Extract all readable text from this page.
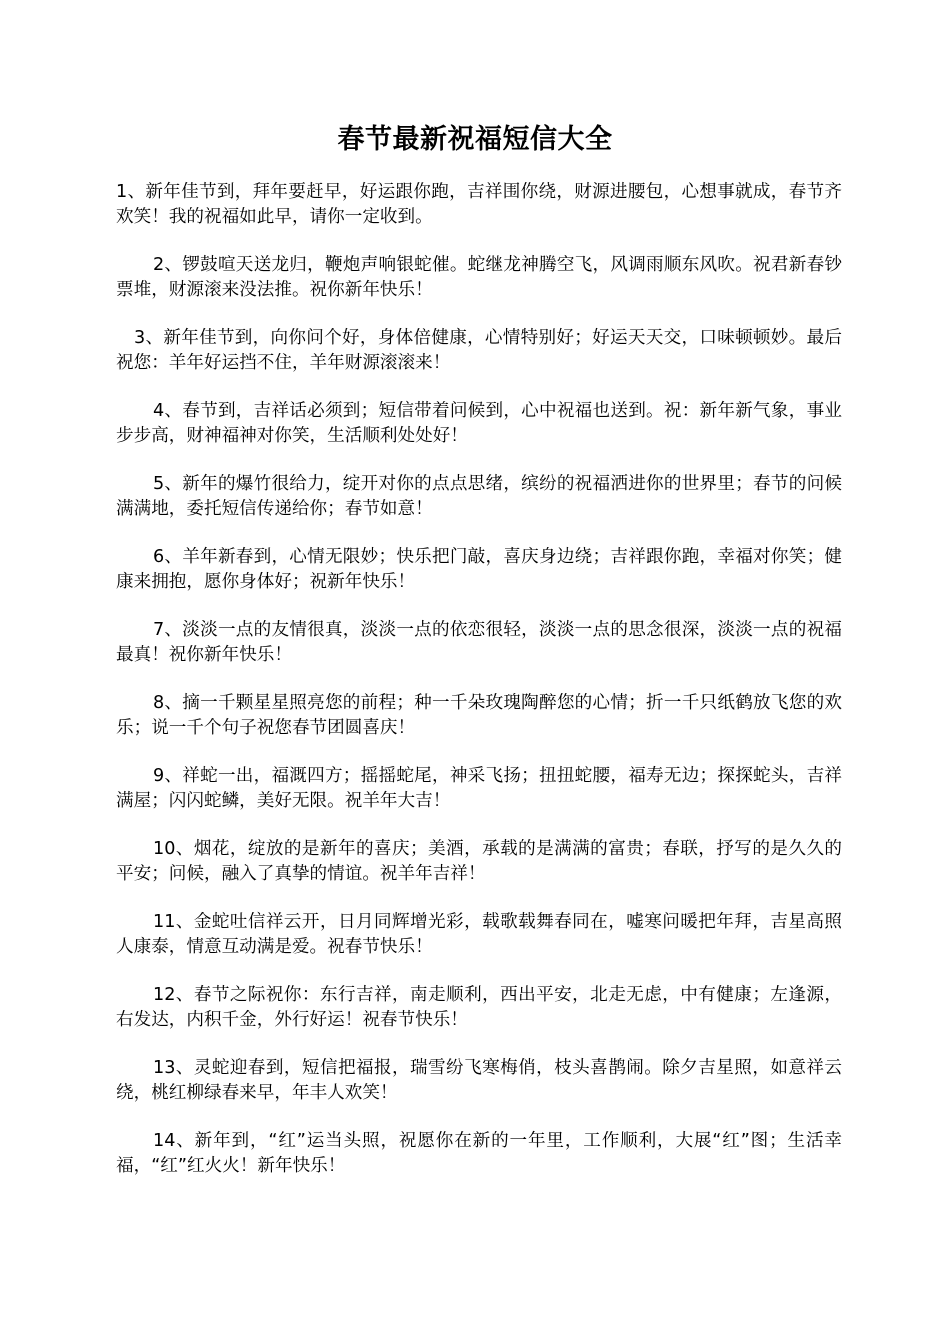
春节最新祝福短信大全

1、新年佳节到，拜年要赶早，好运跟你跑，吉祥围你绕，财源进腰包，心想事就成，春节齐欢笑！我的祝福如此早，请你一定收到。

2、锣鼓喧天送龙归，鞭炮声响银蛇催。蛇继龙神腾空飞，风调雨顺东风吹。祝君新春钞票堆，财源滚来没法推。祝你新年快乐！

3、新年佳节到，向你问个好，身体倍健康，心情特别好；好运天天交，口味顿顿妙。最后祝您：羊年好运挡不住，羊年财源滚滚来！

4、春节到，吉祥话必须到；短信带着问候到，心中祝福也送到。祝：新年新气象，事业步步高，财神福神对你笑，生活顺利处处好！

5、新年的爆竹很给力，绽开对你的点点思绪，缤纷的祝福洒进你的世界里；春节的问候满满地，委托短信传递给你；春节如意！

6、羊年新春到，心情无限妙；快乐把门敲，喜庆身边绕；吉祥跟你跑，幸福对你笑；健康来拥抱，愿你身体好；祝新年快乐！

7、淡淡一点的友情很真，淡淡一点的依恋很轻，淡淡一点的思念很深，淡淡一点的祝福最真！祝你新年快乐！

8、摘一千颗星星照亮您的前程；种一千朵玫瑰陶醉您的心情；折一千只纸鹤放飞您的欢乐；说一千个句子祝您春节团圆喜庆！

9、祥蛇一出，福溉四方；摇摇蛇尾，神采飞扬；扭扭蛇腰，福寿无边；探探蛇头，吉祥满屋；闪闪蛇鳞，美好无限。祝羊年大吉！

10、烟花，绽放的是新年的喜庆；美酒，承载的是满满的富贵；春联，抒写的是久久的平安；问候，融入了真挚的情谊。祝羊年吉祥！

11、金蛇吐信祥云开，日月同辉增光彩，载歌载舞春同在，嘘寒问暖把年拜，吉星高照人康泰，情意互动满是爱。祝春节快乐！

12、春节之际祝你：东行吉祥，南走顺利，西出平安，北走无虑，中有健康；左逢源，右发达，内积千金，外行好运！祝春节快乐！

13、灵蛇迎春到，短信把福报，瑞雪纷飞寒梅俏，枝头喜鹊闹。除夕吉星照，如意祥云绕，桃红柳绿春来早，年丰人欢笑！

14、新年到，“红”运当头照，祝愿你在新的一年里，工作顺利，大展“红”图；生活幸福，“红”红火火！新年快乐！
